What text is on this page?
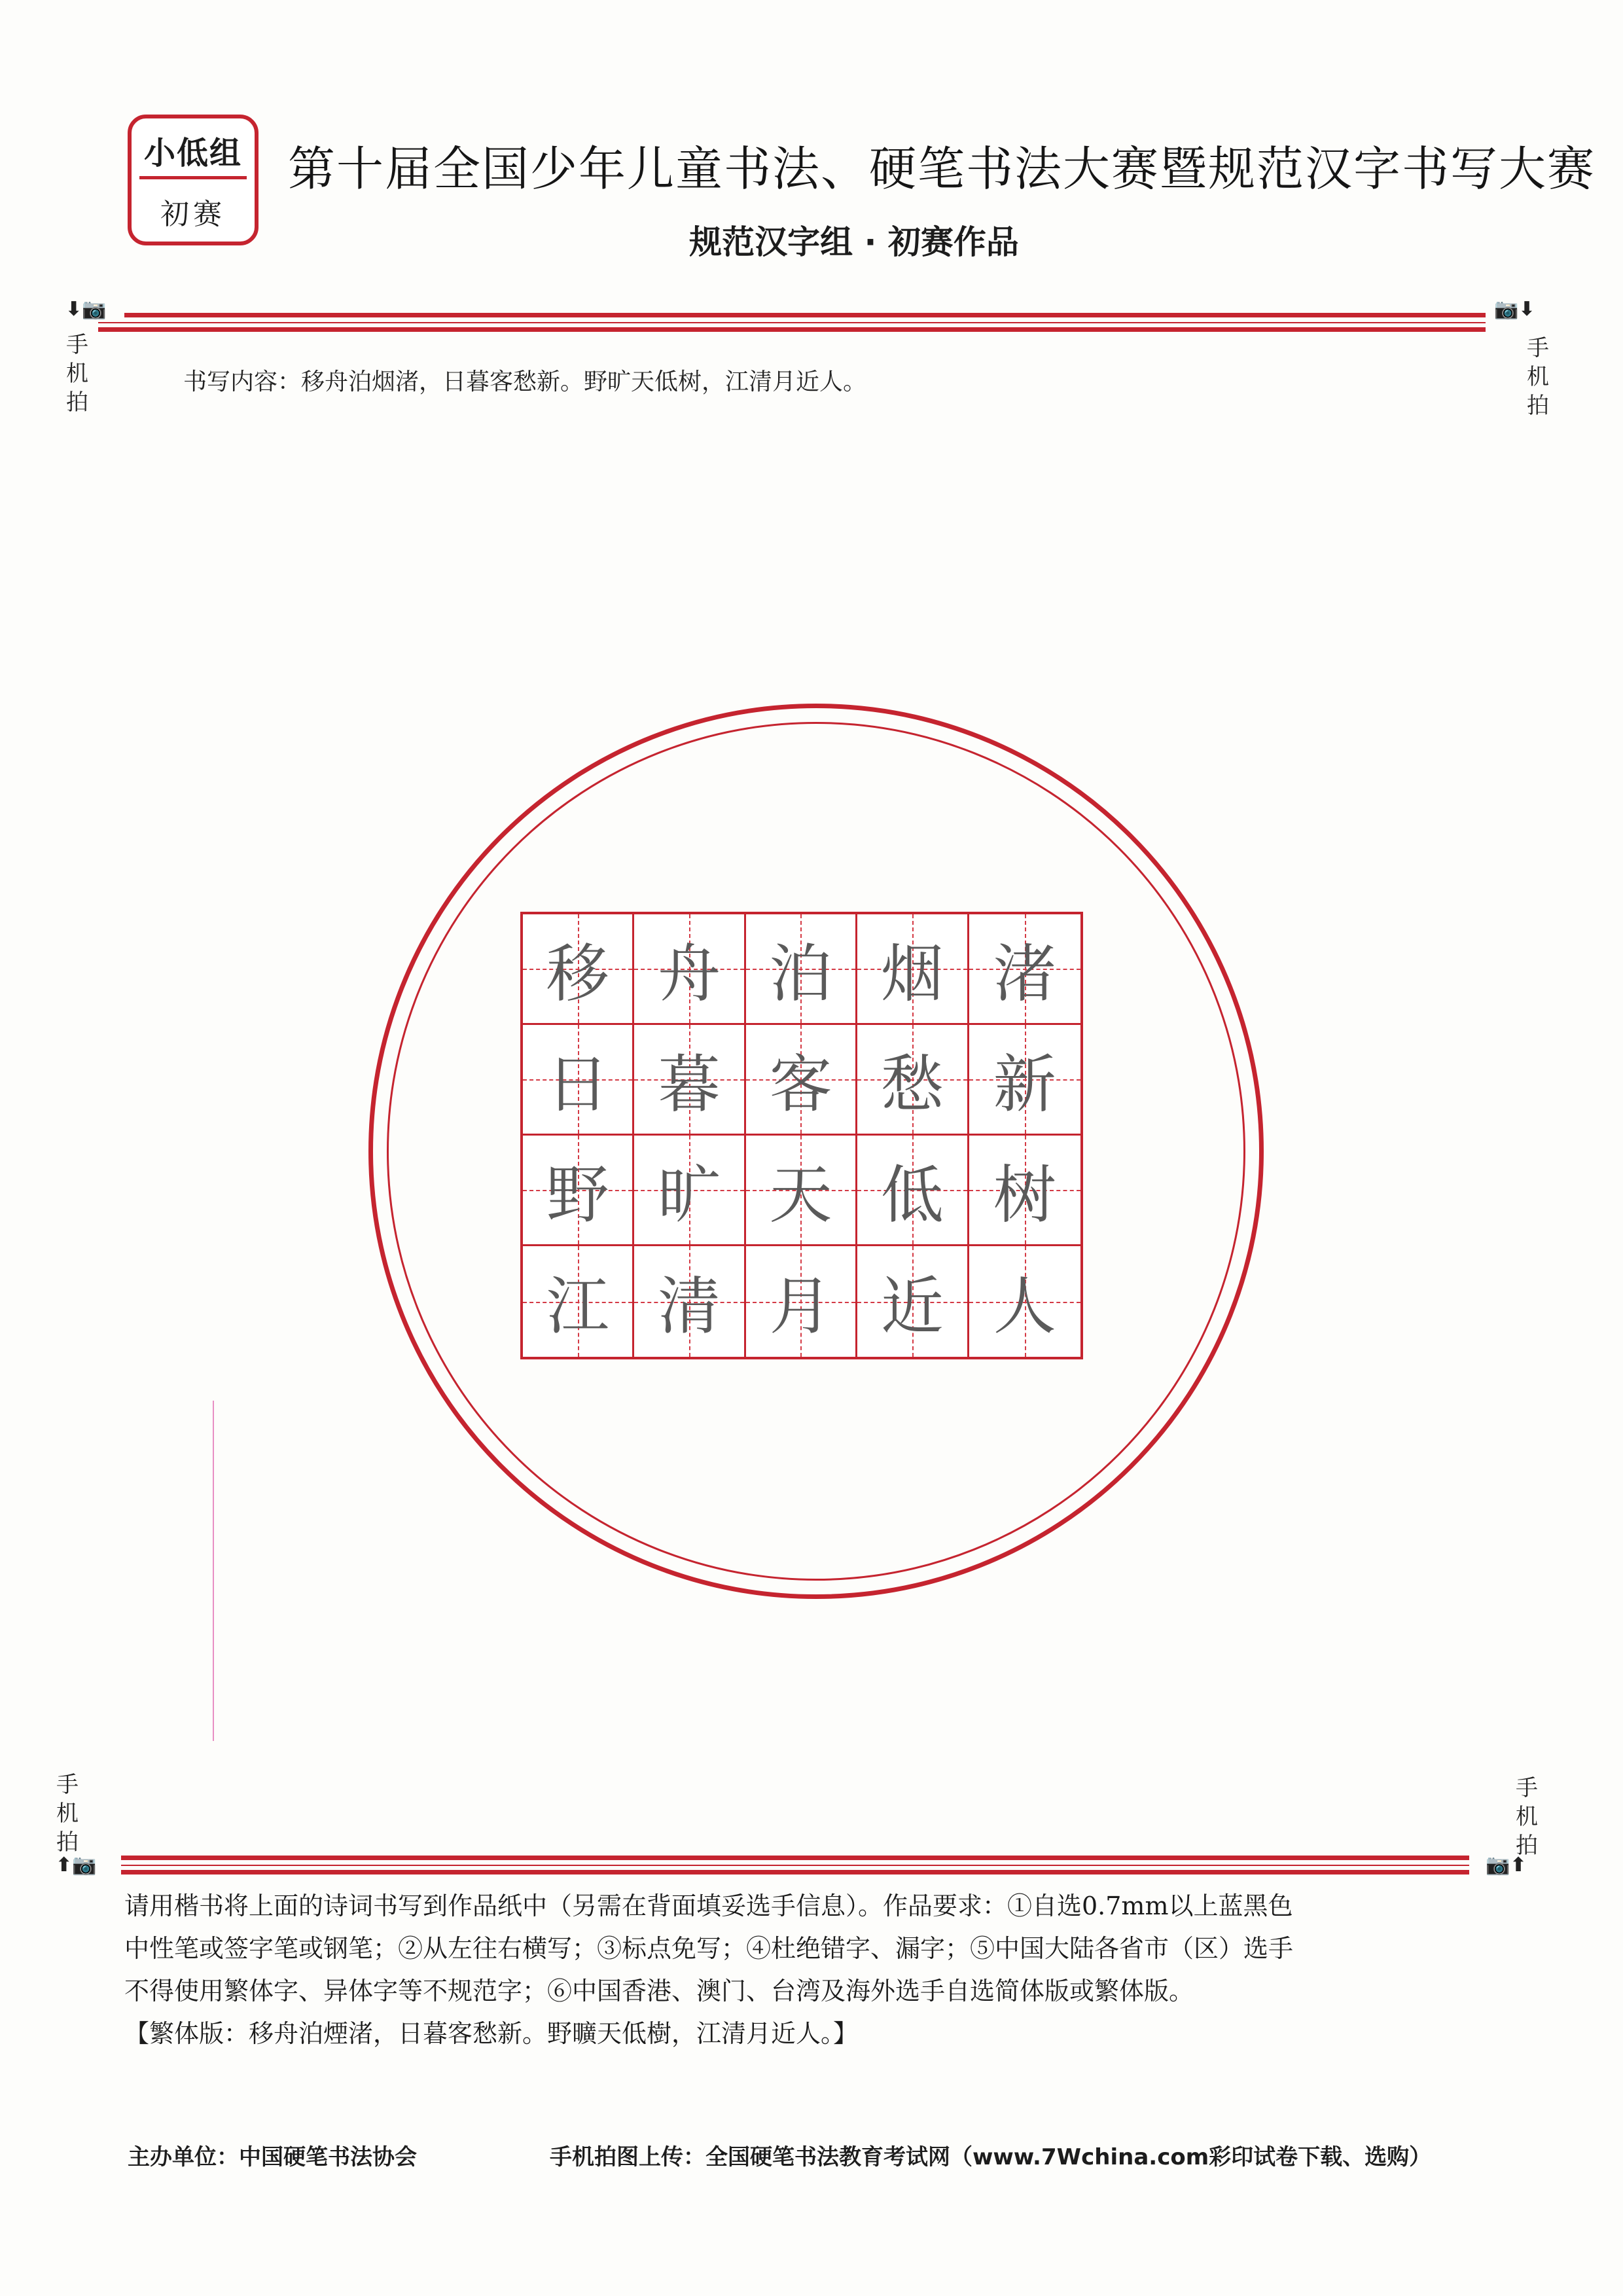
小低组
初赛
第十届全国少年儿童书法、硬笔书法大赛暨规范汉字书写大赛
规范汉字组 · 初赛作品
⬇📷	📷⬇
手
机
拍
手
机
拍
书写内容：移舟泊烟渚，日暮客愁新。野旷天低树，江清月近人。
移 舟 泊 烟 渚
日 暮 客 愁 新
野 旷 天 低 树
江 清 月 近 人
手
机
拍
手
机
拍
⬆📷	📷⬆

请用楷书将上面的诗词书写到作品纸中（另需在背面填妥选手信息）。作品要求：①自选0.7mm以上蓝黑色

中性笔或签字笔或钢笔；②从左往右横写；③标点免写；④杜绝错字、漏字；⑤中国大陆各省市（区）选手

不得使用繁体字、异体字等不规范字；⑥中国香港、澳门、台湾及海外选手自选简体版或繁体版。

【繁体版：移舟泊煙渚，日暮客愁新。野曠天低樹，江清月近人。】

主办单位：中国硬笔书法协会	手机拍图上传：全国硬笔书法教育考试网（www.7Wchina.com彩印试卷下载、选购）
